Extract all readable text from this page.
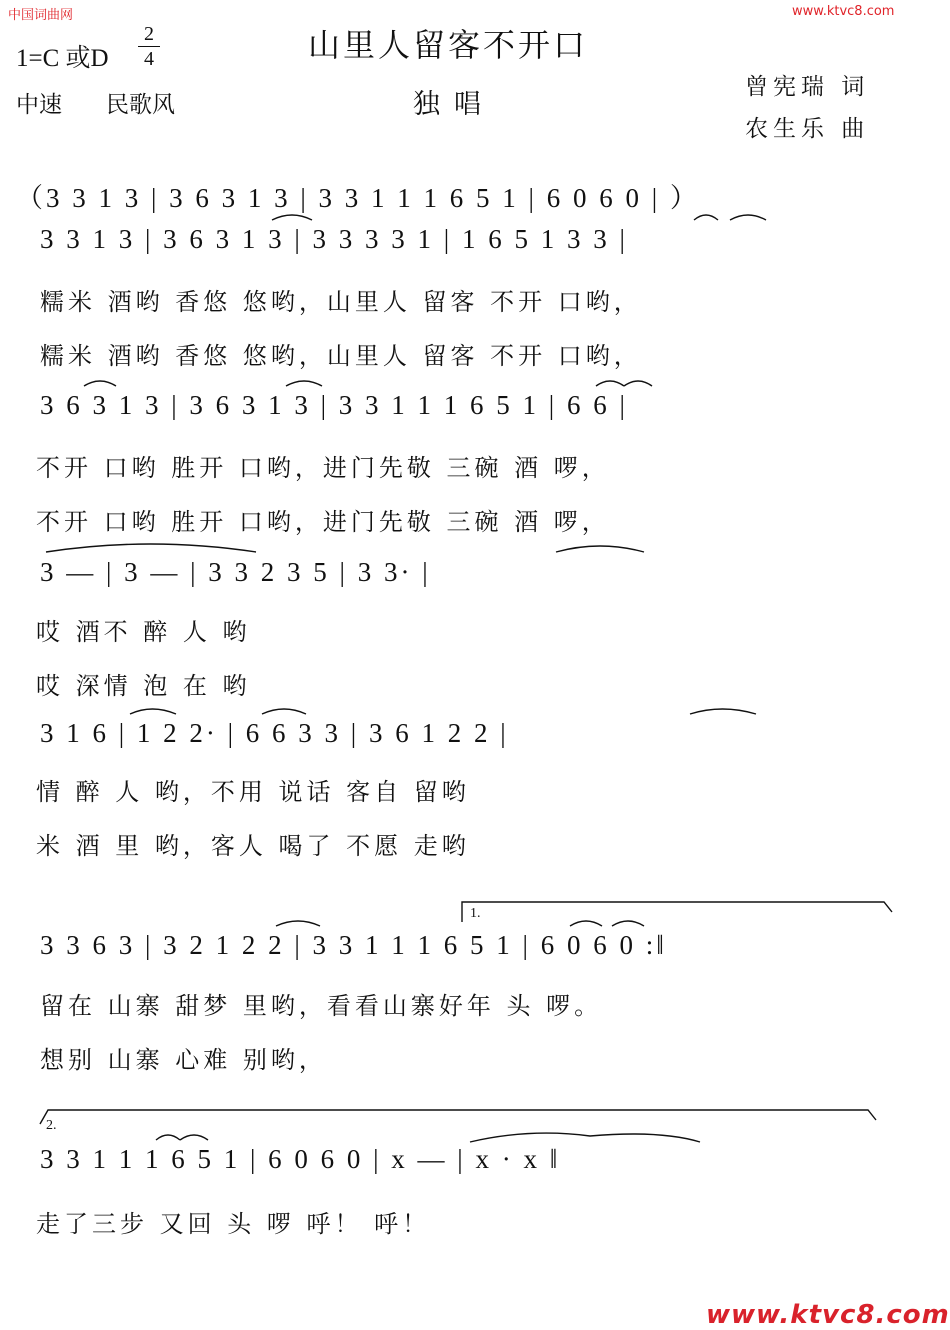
中国词曲网	www.ktvc8.com
山里人留客不开口
独唱
1=C 或D
2
4
中速 民歌风
曾宪瑞 词
农生乐 曲
（3 3 1 3 | 3 6 3 1 3 | 3 3 1 1 1 6 5 1 | 6 0 6 0 | ）
3 3 1 3 | 3 6 3 1 3 | 3 3 3 3 1 | 1 6 5 1 3 3 |
糯米 酒哟 香悠 悠哟，山里人 留客 不开 口哟，
糯米 酒哟 香悠 悠哟，山里人 留客 不开 口哟，
3 6 3 1 3 | 3 6 3 1 3 | 3 3 1 1 1 6 5 1 | 6 6 |
不开 口哟 胜开 口哟，进门先敬 三碗 酒 啰，
不开 口哟 胜开 口哟，进门先敬 三碗 酒 啰，
3 — | 3 — | 3 3 2 3 5 | 3 3· |
哎 酒不 醉 人 哟
哎 深情 泡 在 哟
3 1 6 | 1 2 2· | 6 6 3 3 | 3 6 1 2 2 |
情 醉 人 哟，不用 说话 客自 留哟
米 酒 里 哟，客人 喝了 不愿 走哟
1.
3 3 6 3 | 3 2 1 2 2 | 3 3 1 1 1 6 5 1 | 6 0 6 0 :‖
留在 山寨 甜梦 里哟，看看山寨好年 头 啰。
想别 山寨 心难 别哟，
2.
3 3 1 1 1 6 5 1 | 6 0 6 0 | x — | x · x ‖
走了三步 又回 头 啰 呼！ 呼！
www.ktvc8.com
